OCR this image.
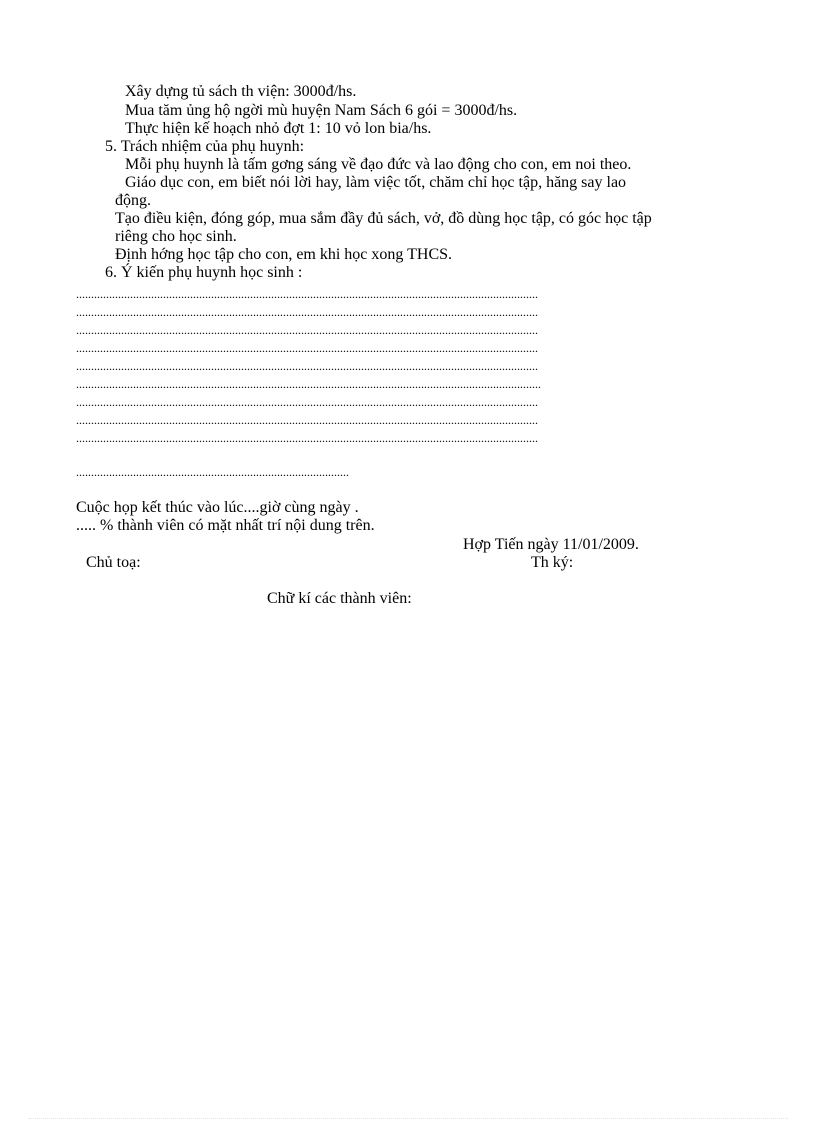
Xây dựng tủ sách th viện: 3000đ/hs.
Mua tăm ủng hộ ngời mù huyện Nam Sách 6 gói = 3000đ/hs.
Thực hiện kế hoạch nhỏ đợt 1: 10 vỏ lon bia/hs.
5. Trách nhiệm của phụ huynh:
Mỗi phụ huynh là tấm gơng sáng về đạo đức và lao động cho con, em noi theo.
Giáo dục con, em biết nói lời hay, làm việc tốt, chăm chỉ học tập, hăng say lao
động.
Tạo điều kiện, đóng góp, mua sắm đầy đủ sách, vở, đồ dùng học tập, có góc học tập
riêng cho học sinh.
Định hớng học tập cho con, em khi học xong THCS.
6. Ý kiến phụ huynh học sinh :
..........................................................................................................................................................
..........................................................................................................................................................
..........................................................................................................................................................
..........................................................................................................................................................
..........................................................................................................................................................
...........................................................................................................................................................
..........................................................................................................................................................
..........................................................................................................................................................
..........................................................................................................................................................
...........................................................................................
Cuộc họp kết thúc vào lúc....giờ cùng ngày .
..... % thành viên có mặt nhất trí nội dung trên.
Hợp Tiến ngày 11/01/2009.
Chủ toạ:	Th ký:
Chữ kí các thành viên:
